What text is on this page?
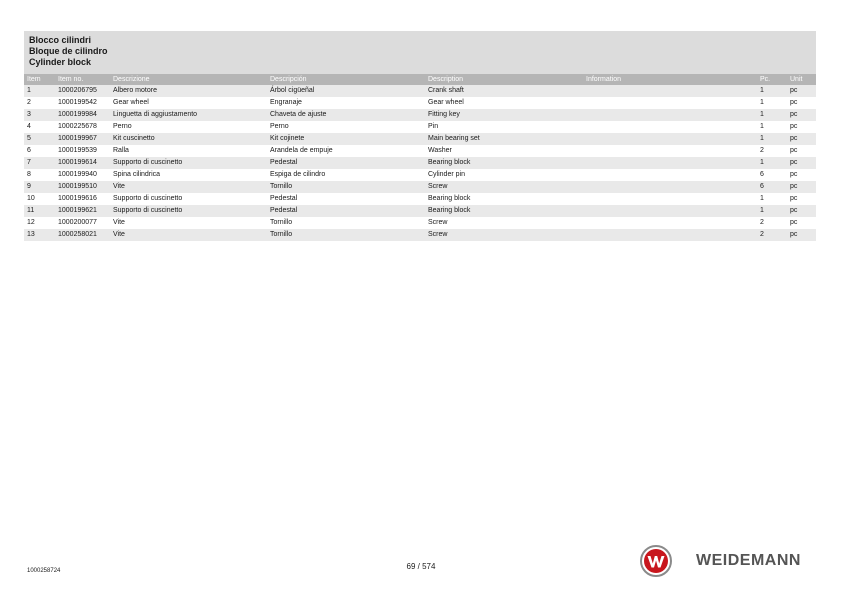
Blocco cilindri
Bloque de cilindro
Cylinder block
Item	Item no.	Descrizione	Descripción	Description	Information	Pc.	Unit
1	1000206795	Albero motore	Árbol cigüeñal	Crank shaft		1	pc
2	1000199542	Gear wheel	Engranaje	Gear wheel		1	pc
3	1000199984	Linguetta di aggiustamento	Chaveta de ajuste	Fitting key		1	pc
4	1000225678	Perno	Perno	Pin		1	pc
5	1000199967	Kit cuscinetto	Kit cojinete	Main bearing set		1	pc
6	1000199539	Ralla	Arandela de empuje	Washer		2	pc
7	1000199614	Supporto di cuscinetto	Pedestal	Bearing block		1	pc
8	1000199940	Spina cilindrica	Espiga de cilindro	Cylinder pin		6	pc
9	1000199510	Vite	Tornillo	Screw		6	pc
10	1000199616	Supporto di cuscinetto	Pedestal	Bearing block		1	pc
11	1000199621	Supporto di cuscinetto	Pedestal	Bearing block		1	pc
12	1000200077	Vite	Tornillo	Screw		2	pc
13	1000258021	Vite	Tornillo	Screw		2	pc
1000258724	69 / 574	WEIDEMANN
